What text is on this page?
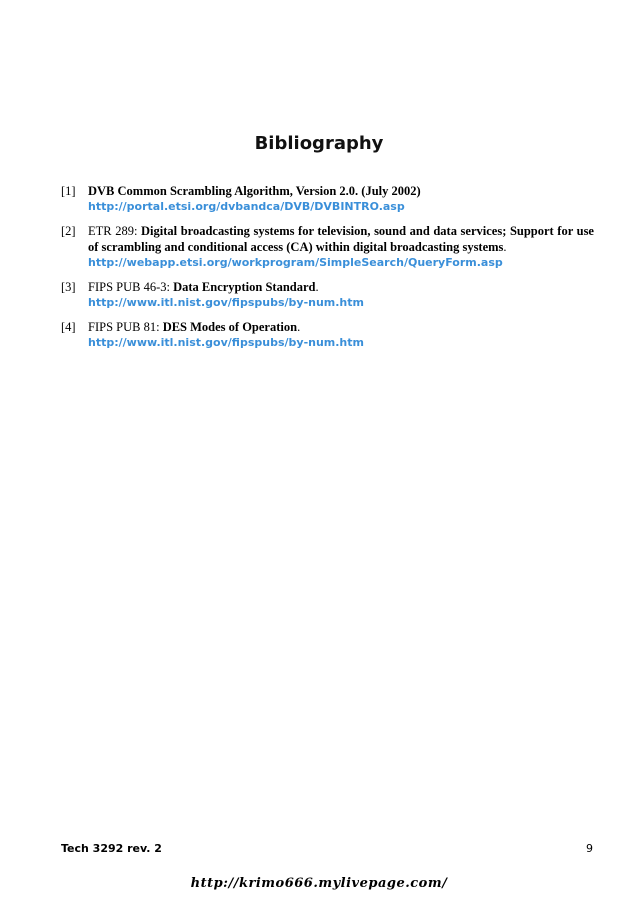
Bibliography
[1] DVB Common Scrambling Algorithm, Version 2.0. (July 2002)
http://portal.etsi.org/dvbandca/DVB/DVBINTRO.asp
[2] ETR 289: Digital broadcasting systems for television, sound and data services; Support for use of scrambling and conditional access (CA) within digital broadcasting systems.
http://webapp.etsi.org/workprogram/SimpleSearch/QueryForm.asp
[3] FIPS PUB 46-3: Data Encryption Standard.
http://www.itl.nist.gov/fipspubs/by-num.htm
[4] FIPS PUB 81: DES Modes of Operation.
http://www.itl.nist.gov/fipspubs/by-num.htm
Tech 3292 rev. 2	9
http://krimo666.mylivepage.com/
